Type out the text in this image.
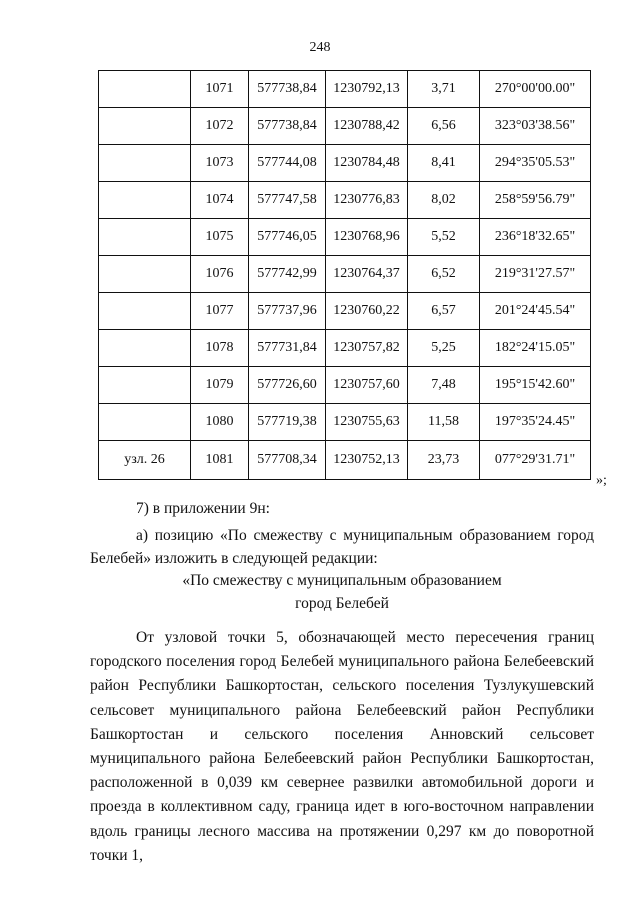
248
	1071	577738,84	1230792,13	3,71	270°00'00.00"
	1072	577738,84	1230788,42	6,56	323°03'38.56"
	1073	577744,08	1230784,48	8,41	294°35'05.53"
	1074	577747,58	1230776,83	8,02	258°59'56.79"
	1075	577746,05	1230768,96	5,52	236°18'32.65"
	1076	577742,99	1230764,37	6,52	219°31'27.57"
	1077	577737,96	1230760,22	6,57	201°24'45.54"
	1078	577731,84	1230757,82	5,25	182°24'15.05"
	1079	577726,60	1230757,60	7,48	195°15'42.60"
	1080	577719,38	1230755,63	11,58	197°35'24.45"
узл. 26	1081	577708,34	1230752,13	23,73	077°29'31.71"
»;
7) в приложении 9н:
а) позицию «По смежеству с муниципальным образованием город Белебей» изложить в следующей редакции:
«По смежеству с муниципальным образованием
город Белебей
От узловой точки 5, обозначающей место пересечения границ городского поселения город Белебей муниципального района Белебеевский район Республики Башкортостан, сельского поселения Тузлукушевский сельсовет муниципального района Белебеевский район Республики Башкортостан и сельского поселения Анновский сельсовет муниципального района Белебеевский район Республики Башкортостан, расположенной в 0,039 км севернее развилки автомобильной дороги и проезда в коллективном саду, граница идет в юго-восточном направлении вдоль границы лесного массива на протяжении 0,297 км до поворотной точки 1,
